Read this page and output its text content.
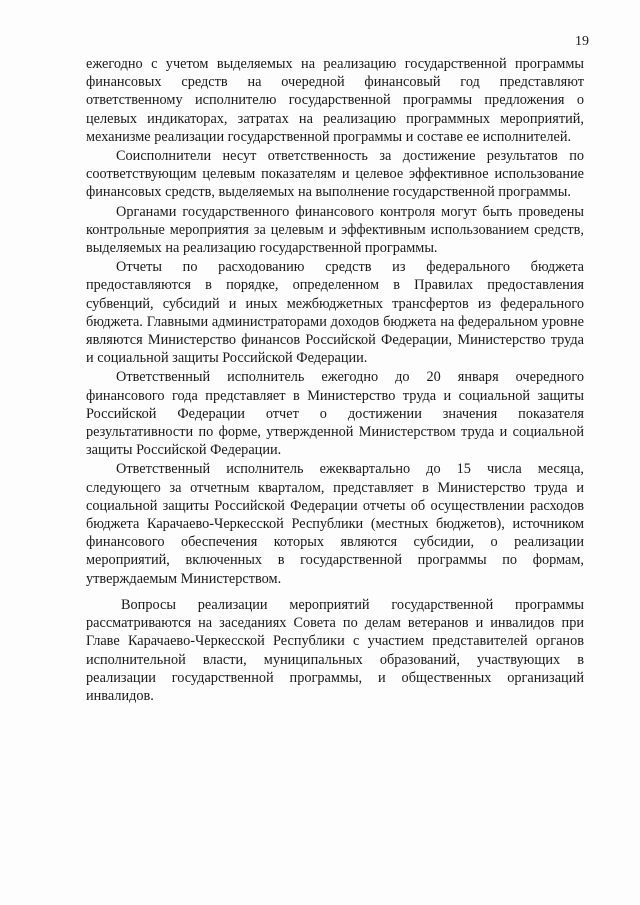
19

ежегодно с учетом выделяемых на реализацию государственной программы финансовых средств на очередной финансовый год представляют ответственному исполнителю государственной программы предложения о целевых индикаторах, затратах на реализацию программных мероприятий, механизме реализации государственной программы и составе ее исполнителей.

Соисполнители несут ответственность за достижение результатов по соответствующим целевым показателям и целевое эффективное использование финансовых средств, выделяемых на выполнение государственной программы.

Органами государственного финансового контроля могут быть проведены контрольные мероприятия за целевым и эффективным использованием средств, выделяемых на реализацию государственной программы.

Отчеты по расходованию средств из федерального бюджета предоставляются в порядке, определенном в Правилах предоставления субвенций, субсидий и иных межбюджетных трансфертов из федерального бюджета. Главными администраторами доходов бюджета на федеральном уровне являются Министерство финансов Российской Федерации, Министерство труда и социальной защиты Российской Федерации.

Ответственный исполнитель ежегодно до 20 января очередного финансового года представляет в Министерство труда и социальной защиты Российской Федерации отчет о достижении значения показателя результативности по форме, утвержденной Министерством труда и социальной защиты Российской Федерации.

Ответственный исполнитель ежеквартально до 15 числа месяца, следующего за отчетным кварталом, представляет в Министерство труда и социальной защиты Российской Федерации отчеты об осуществлении расходов бюджета Карачаево-Черкесской Республики (местных бюджетов), источником финансового обеспечения которых являются субсидии, о реализации мероприятий, включенных в государственной программы по формам, утверждаемым Министерством.

Вопросы реализации мероприятий государственной программы рассматриваются на заседаниях Совета по делам ветеранов и инвалидов при Главе Карачаево-Черкесской Республики с участием представителей органов исполнительной власти, муниципальных образований, участвующих в реализации государственной программы, и общественных организаций инвалидов.
